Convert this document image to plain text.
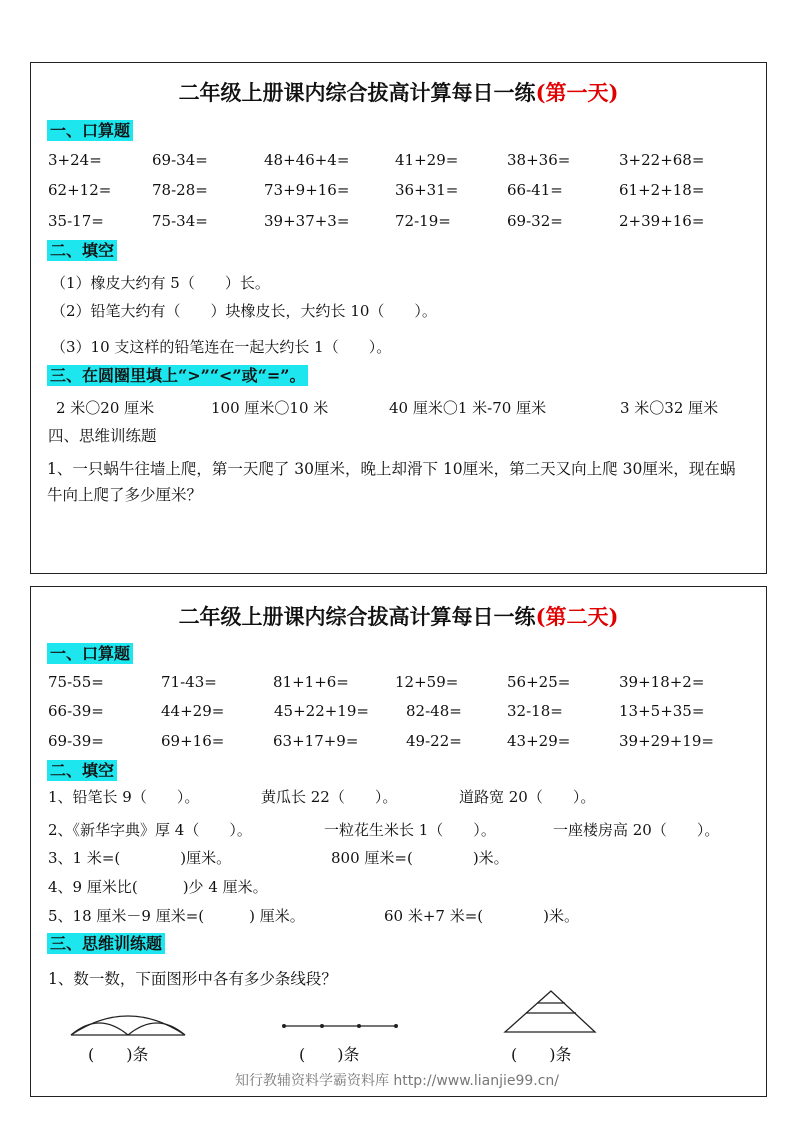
二年级上册课内综合拔高计算每日一练(第一天)
一、口算题
3+24=	69-34=	48+46+4=	41+29=	38+36=	3+22+68=
62+12=	78-28=	73+9+16=	36+31=	66-41=	61+2+18=
35-17=	75-34=	39+37+3=	72-19=	69-32=	2+39+16=
二、填空
（1）橡皮大约有 5（　　）长。
（2）铅笔大约有（　　）块橡皮长，大约长 10（　　）。
（3）10 支这样的铅笔连在一起大约长 1（　　）。
三、在圆圈里填上“>”“<”或“=”。
2 米〇20 厘米	100 厘米〇10 米	40 厘米〇1 米-70 厘米	3 米〇32 厘米
四、思维训练题
1、一只蜗牛往墙上爬，第一天爬了 30厘米，晚上却滑下 10厘米，第二天又向上爬 30厘米，现在蜗牛向上爬了多少厘米？
二年级上册课内综合拔高计算每日一练(第二天)
一、口算题
75-55=	71-43=	81+1+6=	12+59=	56+25=	39+18+2=
66-39=	44+29=	45+22+19= 82-48=	32-18=	13+5+35=
69-39=	69+16=	63+17+9=	49-22=	43+29=	39+29+19=
二、填空
1、铅笔长 9（　　）。	黄瓜长 22（　　）。	道路宽 20（　　）。
2、《新华字典》厚 4（　　）。	一粒花生米长 1（　　）。	一座楼房高 20（　　）。
3、1 米=(　　　　)厘米。	800 厘米=(　　　　)米。
4、9 厘米比(　　　)少 4 厘米。
5、18 厘米－9 厘米=(　　　) 厘米。	60 米+7 米=(　　　　)米。
三、思维训练题
1、数一数，下面图形中各有多少条线段？
(　　)条	(　　)条	(　　)条
知行教辅资料学霸资料库 http://www.lianjie99.cn/
